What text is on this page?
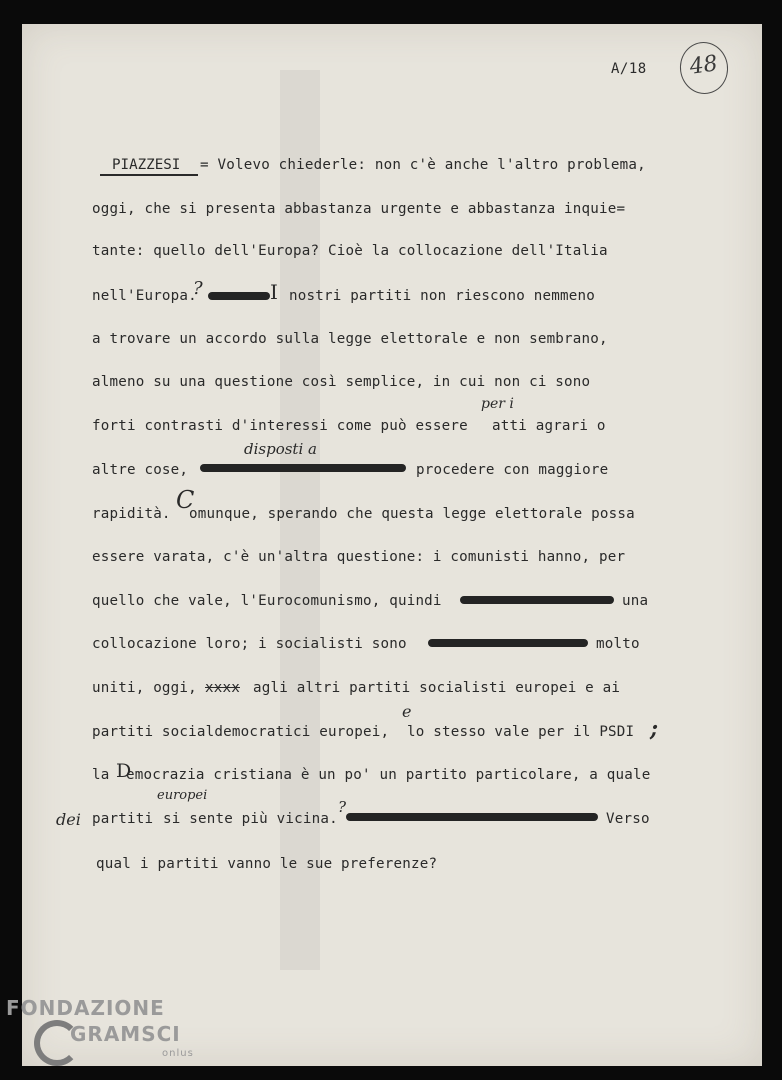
A/18 48
PIAZZESI = Volevo chiederle: non c'è anche l'altro problema,
oggi, che si presenta abbastanza urgente e abbastanza inquie=
tante: quello dell'Europa? Cioè la collocazione dell'Italia
nell'Europa.
?	I nostri partiti non riescono nemmeno
a trovare un accordo sulla legge elettorale e non sembrano,
almeno su una questione così semplice, in cui non ci sono
forti contrasti d'interessi come può essere
per i
atti agrari o
altre cose,
disposti a
procedere con maggiore
rapidità. C
omunque, sperando che questa legge elettorale possa
essere varata, c'è un'altra questione: i comunisti hanno, per
quello che vale, l'Eurocomunismo, quindi	una
collocazione loro; i socialisti sono	molto
uniti, oggi, xxxx agli altri partiti socialisti europei e ai
partiti socialdemocratici europei,
e
lo stesso vale per il PSDI ;
la D
emocrazia cristiana è un po' un partito particolare, a quale
dei partiti
europei
si sente più vicina.
?
Verso
qual i partiti vanno le sue preferenze?
FONDAZIONE
GRAMSCI
onlus
